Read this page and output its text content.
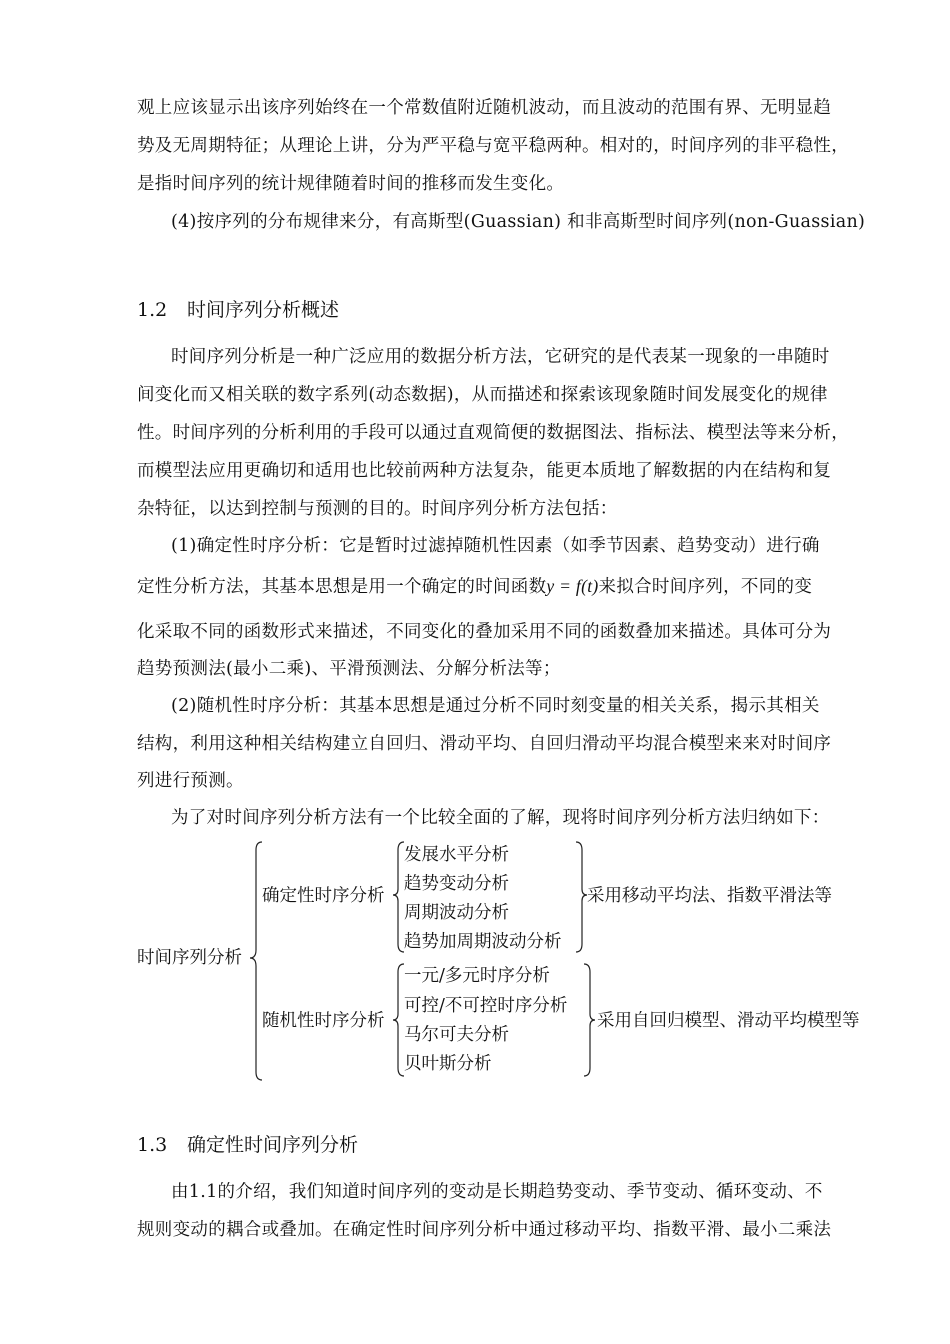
观上应该显示出该序列始终在一个常数值附近随机波动，而且波动的范围有界、无明显趋
势及无周期特征；从理论上讲，分为严平稳与宽平稳两种。相对的，时间序列的非平稳性，
是指时间序列的统计规律随着时间的推移而发生变化。
(4)按序列的分布规律来分，有高斯型(Guassian) 和非高斯型时间序列(non-Guassian)
1.2 时间序列分析概述
时间序列分析是一种广泛应用的数据分析方法，它研究的是代表某一现象的一串随时
间变化而又相关联的数字系列(动态数据)，从而描述和探索该现象随时间发展变化的规律
性。时间序列的分析利用的手段可以通过直观简便的数据图法、指标法、模型法等来分析，
而模型法应用更确切和适用也比较前两种方法复杂，能更本质地了解数据的内在结构和复
杂特征，以达到控制与预测的目的。时间序列分析方法包括：
(1)确定性时序分析：它是暂时过滤掉随机性因素（如季节因素、趋势变动）进行确
定性分析方法，其基本思想是用一个确定的时间函数y = f(t)来拟合时间序列，不同的变
化采取不同的函数形式来描述，不同变化的叠加采用不同的函数叠加来描述。具体可分为
趋势预测法(最小二乘)、平滑预测法、分解分析法等；
(2)随机性时序分析：其基本思想是通过分析不同时刻变量的相关关系，揭示其相关
结构，利用这种相关结构建立自回归、滑动平均、自回归滑动平均混合模型来来对时间序
列进行预测。
为了对时间序列分析方法有一个比较全面的了解，现将时间序列分析方法归纳如下：
时间序列分析
确定性时序分析
发展水平分析
趋势变动分析
周期波动分析
趋势加周期波动分析
采用移动平均法、指数平滑法等
随机性时序分析
一元/多元时序分析
可控/不可控时序分析
马尔可夫分析
贝叶斯分析
采用自回归模型、滑动平均模型等
1.3 确定性时间序列分析
由1.1的介绍，我们知道时间序列的变动是长期趋势变动、季节变动、循环变动、不
规则变动的耦合或叠加。在确定性时间序列分析中通过移动平均、指数平滑、最小二乘法
